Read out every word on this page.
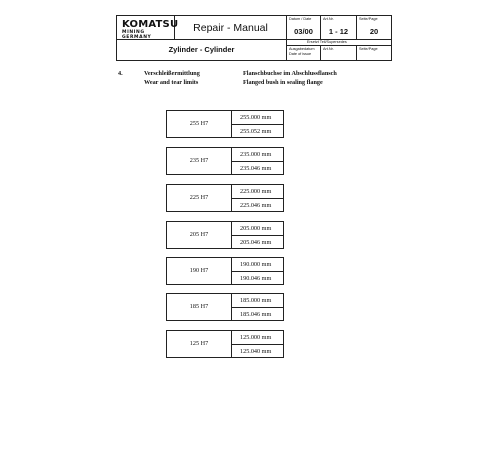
KOMATSU
MINING GERMANY
Repair - Manual
Datum / Date
03/00
Art.Nr.
1 - 12
Seite/Page
20
Zylinder - Cylinder
Ersetzt Teil/Supersedes
Ausgabedatum
Date of issue
Art.Nr.	Seite/Page
4.	Verschleißermittlung
Wear and tear limits
Flanschbuchse im Abschlussflansch
Flanged bush in sealing flange
255 H7
255.000 mm
255.052 mm
235 H7
235.000 mm
235.046 mm
225 H7
225.000 mm
225.046 mm
205 H7
205.000 mm
205.046 mm
190 H7
190.000 mm
190.046 mm
185 H7
185.000 mm
185.046 mm
125 H7
125.000 mm
125.040 mm
